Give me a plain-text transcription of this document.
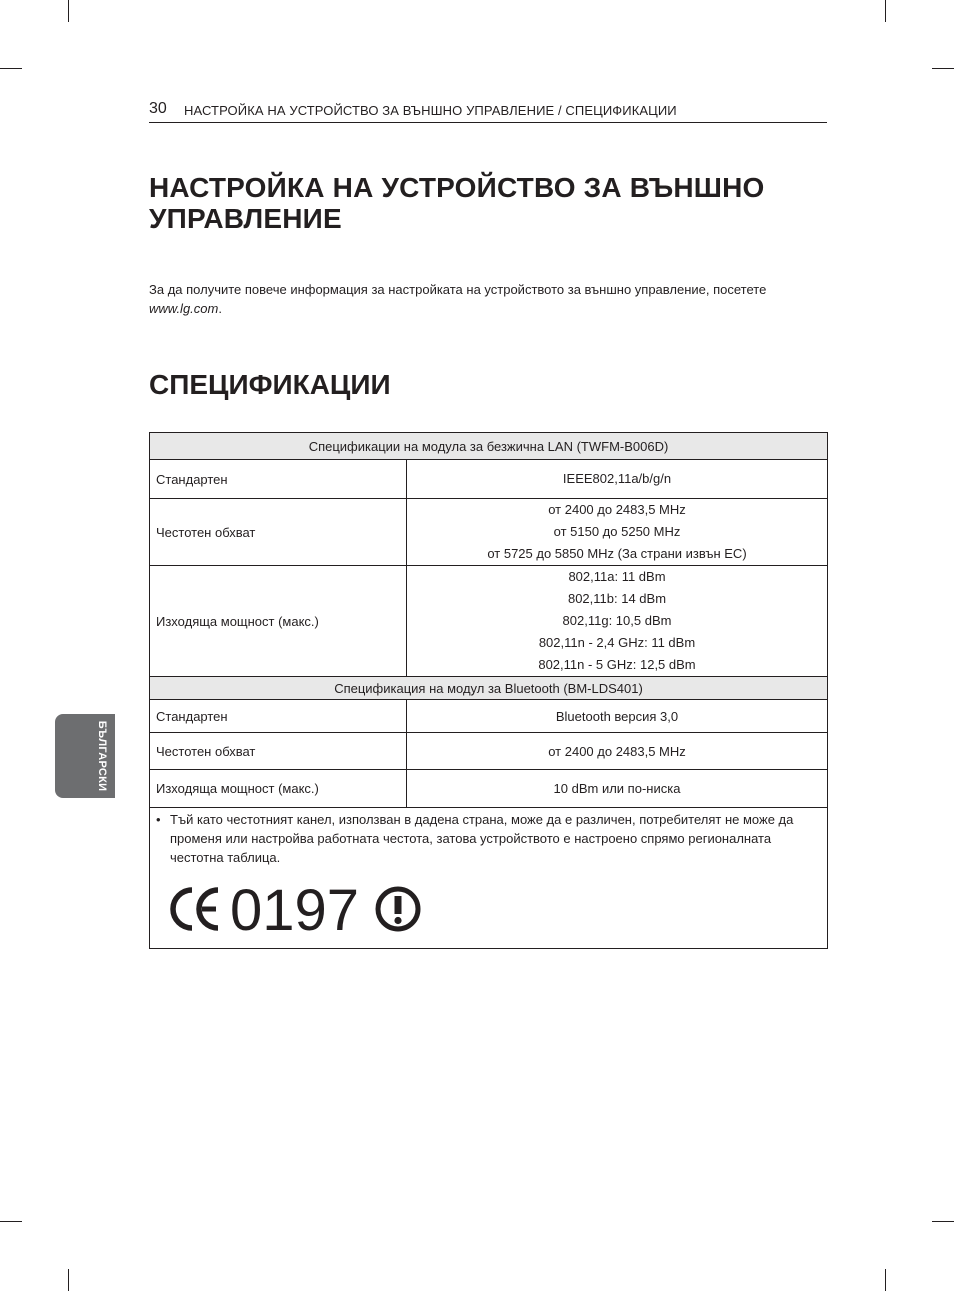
30 НАСТРОЙКА НА УСТРОЙСТВО ЗА ВЪНШНО УПРАВЛЕНИЕ / СПЕЦИФИКАЦИИ
НАСТРОЙКА НА УСТРОЙСТВО ЗА ВЪНШНО
УПРАВЛЕНИЕ
За да получите повече информация за настройката на устройството за външно управление, посетете www.lg.com.
СПЕЦИФИКАЦИИ
Спецификации на модула за безжична LAN (TWFM-B006D)	
Стандартен	IEEE802,11a/b/g/n

Честотен обхват	от 2400 до 2483,5 MHz
от 5150 до 5250 MHz
от 5725 до 5850 MHz (За страни извън ЕС)

Изходяща мощност (макс.)	802,11a: 11 dBm
802,11b: 14 dBm
802,11g: 10,5 dBm
802,11n - 2,4 GHz: 11 dBm
802,11n - 5 GHz: 12,5 dBm

Спецификация на модул за Bluetooth (BM-LDS401)	
Стандартен	Bluetooth версия 3,0
Честотен обхват	от 2400 до 2483,5 MHz
Изходяща мощност (макс.)	10 dBm или по-ниска

• Тъй като честотният канел, използван в дадена страна, може да е различен, потребителят не може да променя или настройва работната честота, затова устройството е настроено спрямо регионалната честотна таблица.
0197	
БЪЛГАРСКИ
